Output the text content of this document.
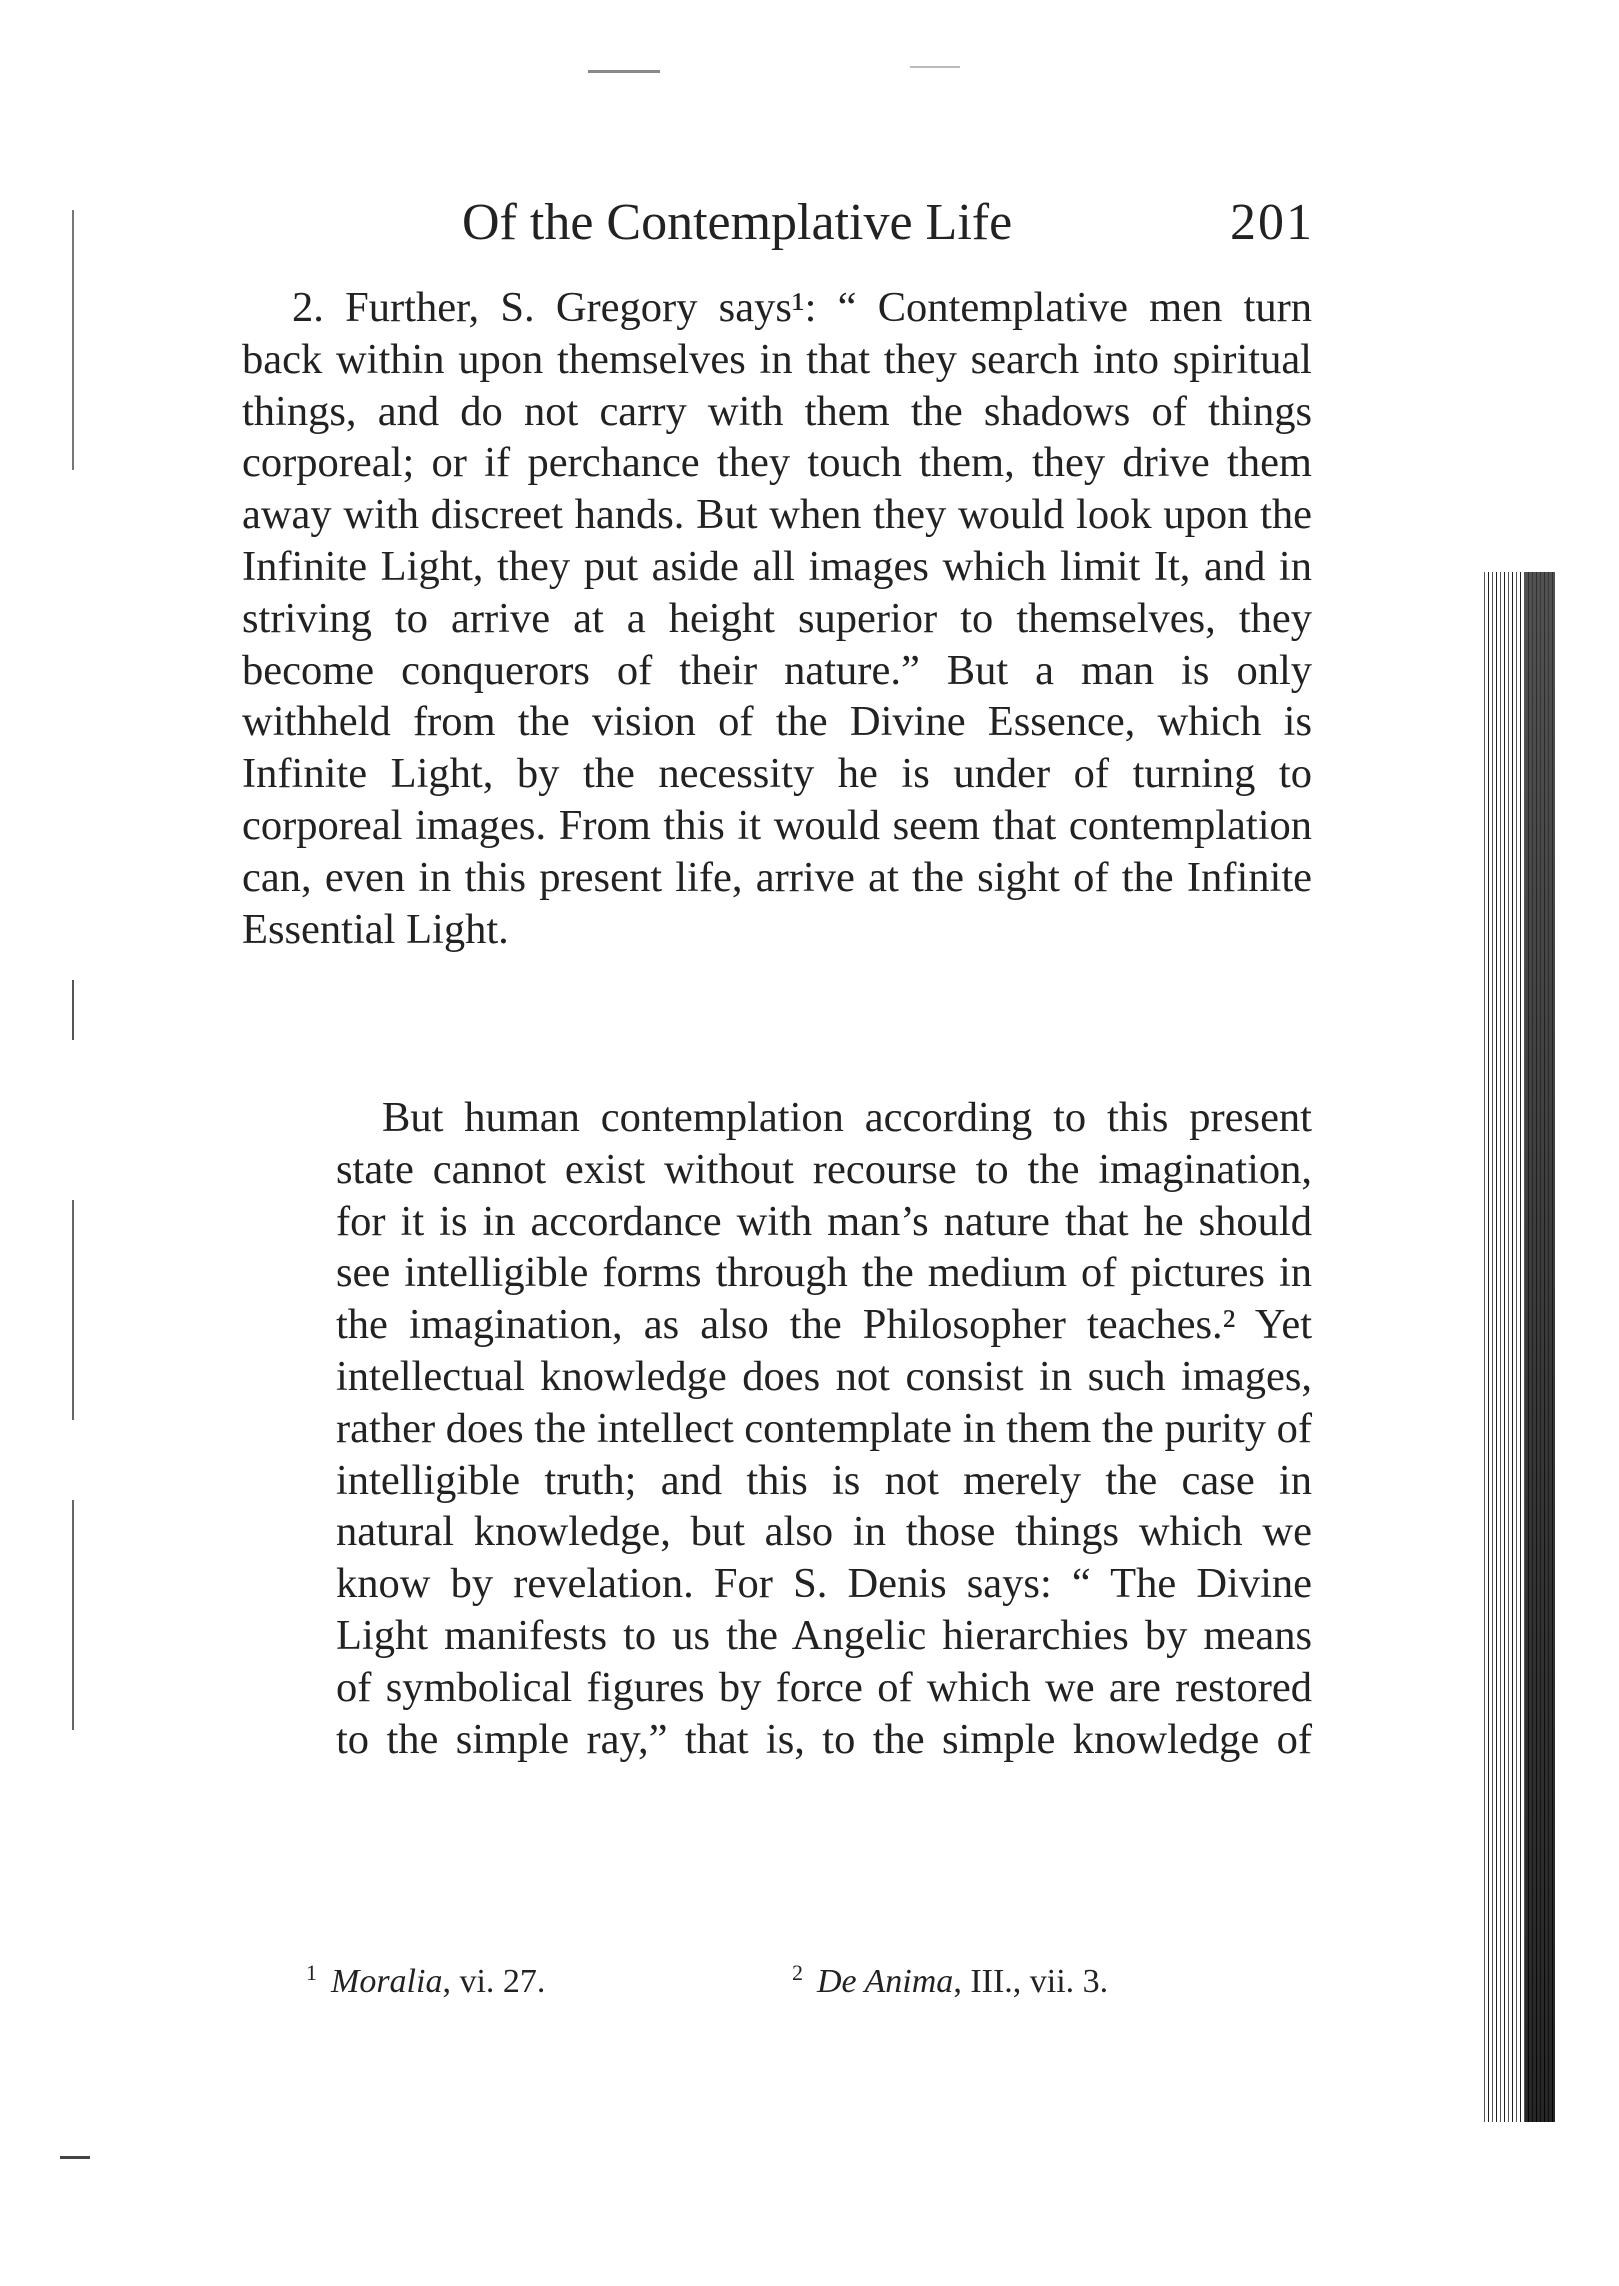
Of the Contemplative Life	201

2. Further, S. Gregory says¹: “ Contemplative men turn back within upon themselves in that they search into spiritual things, and do not carry with them the shadows of things corporeal; or if perchance they touch them, they drive them away with discreet hands. But when they would look upon the Infinite Light, they put aside all images which limit It, and in striving to arrive at a height superior to themselves, they become conquerors of their nature.” But a man is only withheld from the vision of the Divine Essence, which is Infinite Light, by the necessity he is under of turning to corporeal images. From this it would seem that contemplation can, even in this present life, arrive at the sight of the Infinite Essential Light.

But human contemplation according to this present state cannot exist without recourse to the imagination, for it is in accordance with man’s nature that he should see intelligible forms through the medium of pictures in the imagination, as also the Philosopher teaches.² Yet intellectual knowledge does not consist in such images, rather does the intellect contemplate in them the purity of intelligible truth; and this is not merely the case in natural knowledge, but also in those things which we know by revelation. For S. Denis says: “ The Divine Light manifests to us the Angelic hierarchies by means of symbolical figures by force of which we are restored to the simple ray,” that is, to the simple knowledge of

$^1$ Moralia, vi. 27.	$^2$ De Anima, III., vii. 3.
